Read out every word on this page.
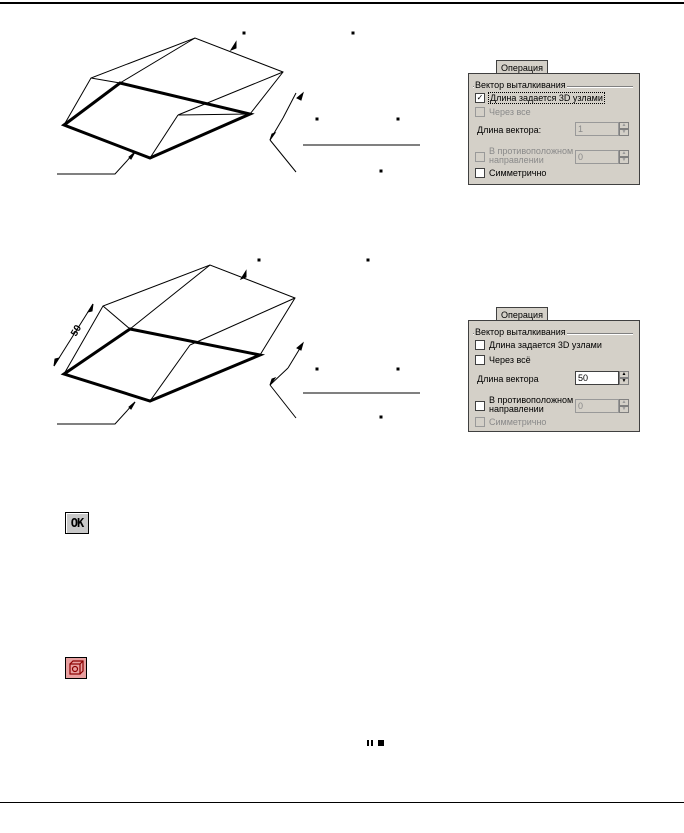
50
Операция
Вектор выталкивания
✓ Длина задается 3D узлами
Через все
Длина вектора:	1	▲
▼
В противоположном
направлении	0	▲
▼
Симметрично
Операция
Вектор выталкивания
Длина задается 3D узлами
Через всё
Длина вектора	50	▲
▼
В противоположном
направлении	0	▲
▼
Симметрично
OK
